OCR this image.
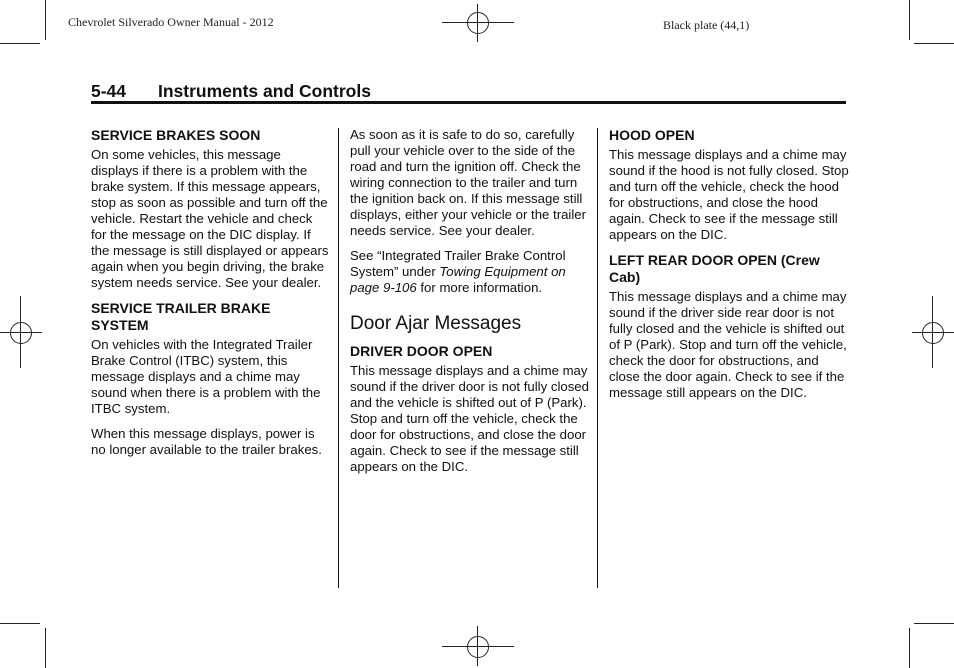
Chevrolet Silverado Owner Manual - 2012	Black plate (44,1)
5-44 Instruments and Controls
SERVICE BRAKES SOON

On some vehicles, this message displays if there is a problem with the brake system. If this message appears, stop as soon as possible and turn off the vehicle. Restart the vehicle and check for the message on the DIC display. If the message is still displayed or appears again when you begin driving, the brake system needs service. See your dealer.

SERVICE TRAILER BRAKE SYSTEM

On vehicles with the Integrated Trailer Brake Control (ITBC) system, this message displays and a chime may sound when there is a problem with the ITBC system.

When this message displays, power is no longer available to the trailer brakes.

As soon as it is safe to do so, carefully pull your vehicle over to the side of the road and turn the ignition off. Check the wiring connection to the trailer and turn the ignition back on. If this message still displays, either your vehicle or the trailer needs service. See your dealer.

See “Integrated Trailer Brake Control System” under Towing Equipment on page 9-106 for more information.

Door Ajar Messages
DRIVER DOOR OPEN

This message displays and a chime may sound if the driver door is not fully closed and the vehicle is shifted out of P (Park). Stop and turn off the vehicle, check the door for obstructions, and close the door again. Check to see if the message still appears on the DIC.

HOOD OPEN

This message displays and a chime may sound if the hood is not fully closed. Stop and turn off the vehicle, check the hood for obstructions, and close the hood again. Check to see if the message still appears on the DIC.

LEFT REAR DOOR OPEN (Crew Cab)

This message displays and a chime may sound if the driver side rear door is not fully closed and the vehicle is shifted out of P (Park). Stop and turn off the vehicle, check the door for obstructions, and close the door again. Check to see if the message still appears on the DIC.
